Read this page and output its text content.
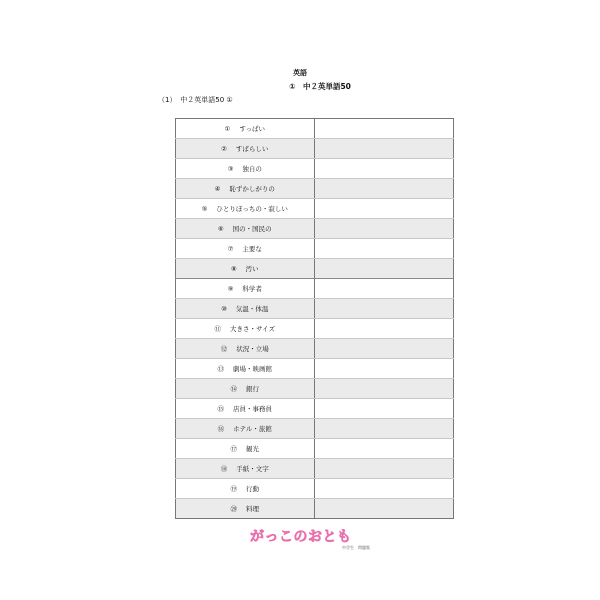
英語
①　中２英単語50
（1） 中２英単語50 ①
① すっぱい	
② すばらしい	
③ 独自の	
④ 恥ずかしがりの	
⑤ ひとりぼっちの・寂しい	
⑥ 国の・国民の	
⑦ 主要な	
⑧ 汚い	
⑨ 科学者	
⑩ 気温・体温	
⑪ 大きさ・サイズ	
⑫ 状況・立場	
⑬ 劇場・映画館	
⑭ 銀行	
⑮ 店員・事務員	
⑯ ホテル・旅館	
⑰ 観光	
⑱ 手紙・文字	
⑲ 行動	
⑳ 料理	
がっこのおとも
中学生　問題集
